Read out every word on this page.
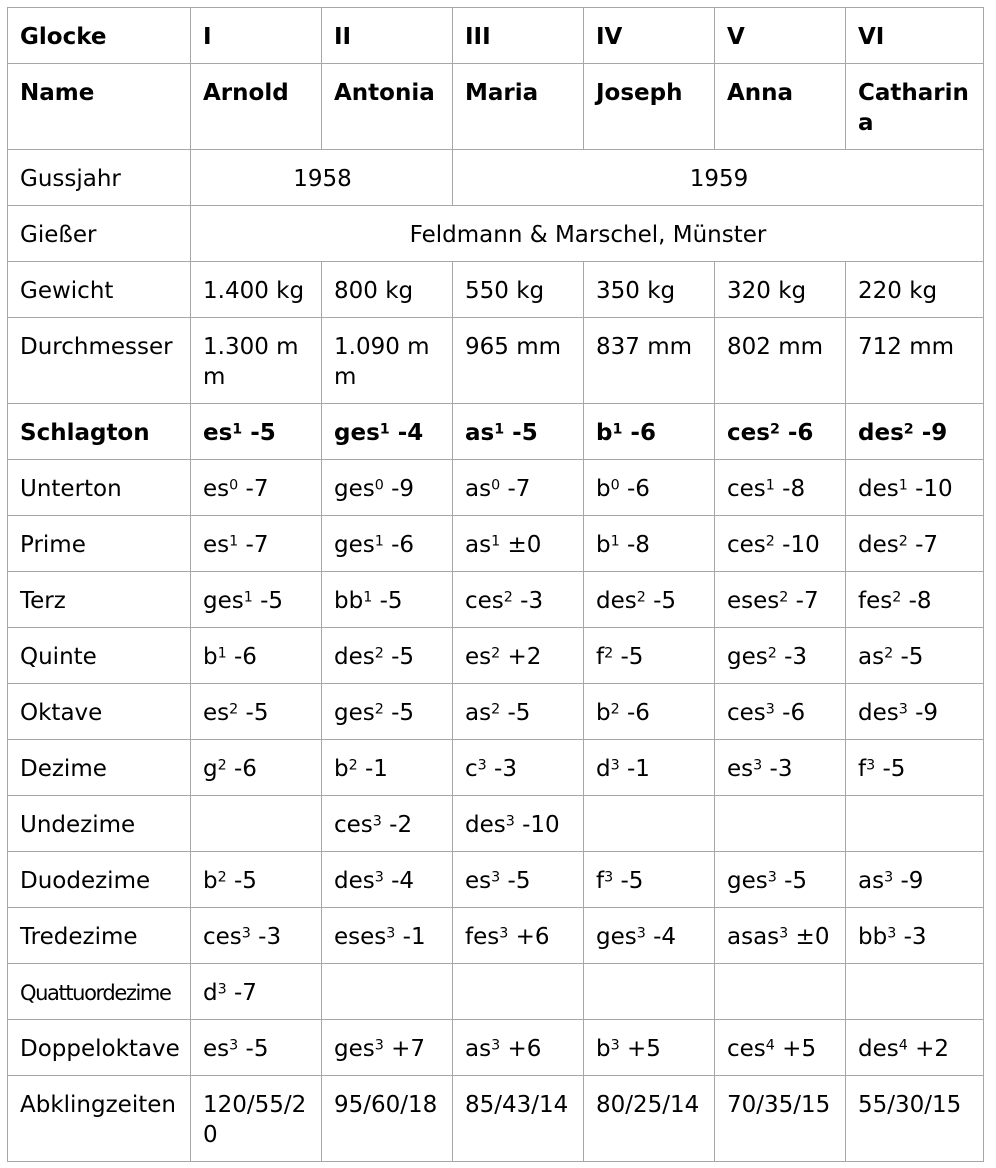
Glocke	I	II	III	IV	V	VI
Name	Arnold	Antonia	Maria	Joseph	Anna	Catharina
Gussjahr	1958		1959			
Gießer	Feldmann & Marschel, Münster					
Gewicht	1.400 kg	800 kg	550 kg	350 kg	320 kg	220 kg
Durchmesser	1.300 mm	1.090 mm	965 mm	837 mm	802 mm	712 mm
Schlagton	$es^1$ -5	ges$^1$ -4	$as^1$ -5	$b^1$ -6	ces$^2$ -6	des$^2$ -9
Unterton	$es^0$ -7	ges$^0$ -9	$as^0$ -7	$b^0$ -6	ces$^1$ -8	des$^1$ -10
Prime	$es^1$ -7	ges$^1$ -6	$as^1 \pm 0$	$b^1$ -8	ces$^2$ -10	des$^2$ -7
Terz	ges$^1$ -5	$bb^1$ -5	ces$^2$ -3	des$^2$ -5	eses$^2$ -7	fes$^2$ -8
Quinte	$b^1$ -6	des$^2$ -5	$es^2 +2$	$f^2$ -5	ges$^2$ -3	$as^2$ -5
Oktave	$es^2$ -5	ges$^2$ -5	$as^2$ -5	$b^2$ -6	ces$^3$ -6	des$^3$ -9
Dezime	$g^2$ -6	$b^2$ -1	$c^3$ -3	$d^3$ -1	$es^3$ -3	$f^3$ -5
Undezime		ces$^3$ -2	des$^3$ -10			
Duodezime	$b^2$ -5	des$^3$ -4	$es^3$ -5	$f^3$ -5	ges$^3$ -5	$as^3$ -9
Tredezime	ces$^3$ -3	eses$^3$ -1	fes$^3$ +6	ges$^3$ -4	asas$^3$ ±0	$bb^3$ -3
Quattuordezime	$d^3$ -7					
Doppeloktave	$es^3$ -5	ges$^3$ +7	$as^3 +6$	$b^3 +5$	ces$^4$ +5	des$^4$ +2
Abklingzeiten	120/55/20	95/60/18	85/43/14	80/25/14	70/35/15	55/30/15
